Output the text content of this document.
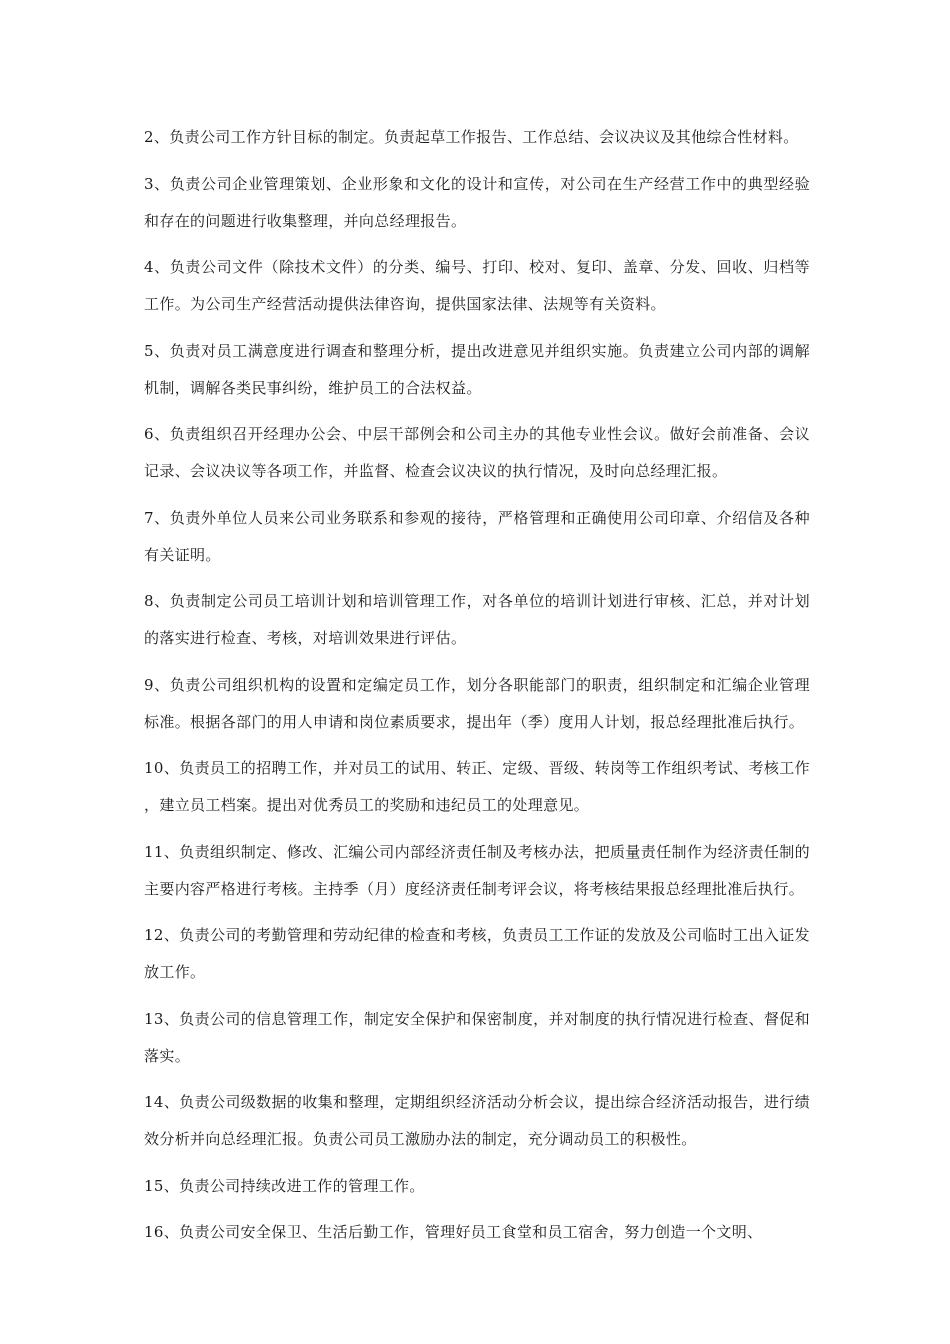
2、负责公司工作方针目标的制定。负责起草工作报告、工作总结、会议决议及其他综合性材料。

3、负责公司企业管理策划、企业形象和文化的设计和宣传，对公司在生产经营工作中的典型经验和存在的问题进行收集整理，并向总经理报告。

4、负责公司文件（除技术文件）的分类、编号、打印、校对、复印、盖章、分发、回收、归档等工作。为公司生产经营活动提供法律咨询，提供国家法律、法规等有关资料。

5、负责对员工满意度进行调查和整理分析，提出改进意见并组织实施。负责建立公司内部的调解机制，调解各类民事纠纷，维护员工的合法权益。

6、负责组织召开经理办公会、中层干部例会和公司主办的其他专业性会议。做好会前准备、会议记录、会议决议等各项工作，并监督、检查会议决议的执行情况，及时向总经理汇报。

7、负责外单位人员来公司业务联系和参观的接待，严格管理和正确使用公司印章、介绍信及各种有关证明。

8、负责制定公司员工培训计划和培训管理工作，对各单位的培训计划进行审核、汇总，并对计划的落实进行检查、考核，对培训效果进行评估。

9、负责公司组织机构的设置和定编定员工作，划分各职能部门的职责，组织制定和汇编企业管理标准。根据各部门的用人申请和岗位素质要求，提出年（季）度用人计划，报总经理批准后执行。

10、负责员工的招聘工作，并对员工的试用、转正、定级、晋级、转岗等工作组织考试、考核工作，建立员工档案。提出对优秀员工的奖励和违纪员工的处理意见。

11、负责组织制定、修改、汇编公司内部经济责任制及考核办法，把质量责任制作为经济责任制的主要内容严格进行考核。主持季（月）度经济责任制考评会议，将考核结果报总经理批准后执行。

12、负责公司的考勤管理和劳动纪律的检查和考核，负责员工工作证的发放及公司临时工出入证发放工作。

13、负责公司的信息管理工作，制定安全保护和保密制度，并对制度的执行情况进行检查、督促和落实。

14、负责公司级数据的收集和整理，定期组织经济活动分析会议，提出综合经济活动报告，进行绩效分析并向总经理汇报。负责公司员工激励办法的制定，充分调动员工的积极性。

15、负责公司持续改进工作的管理工作。

16、负责公司安全保卫、生活后勤工作，管理好员工食堂和员工宿舍，努力创造一个文明、
